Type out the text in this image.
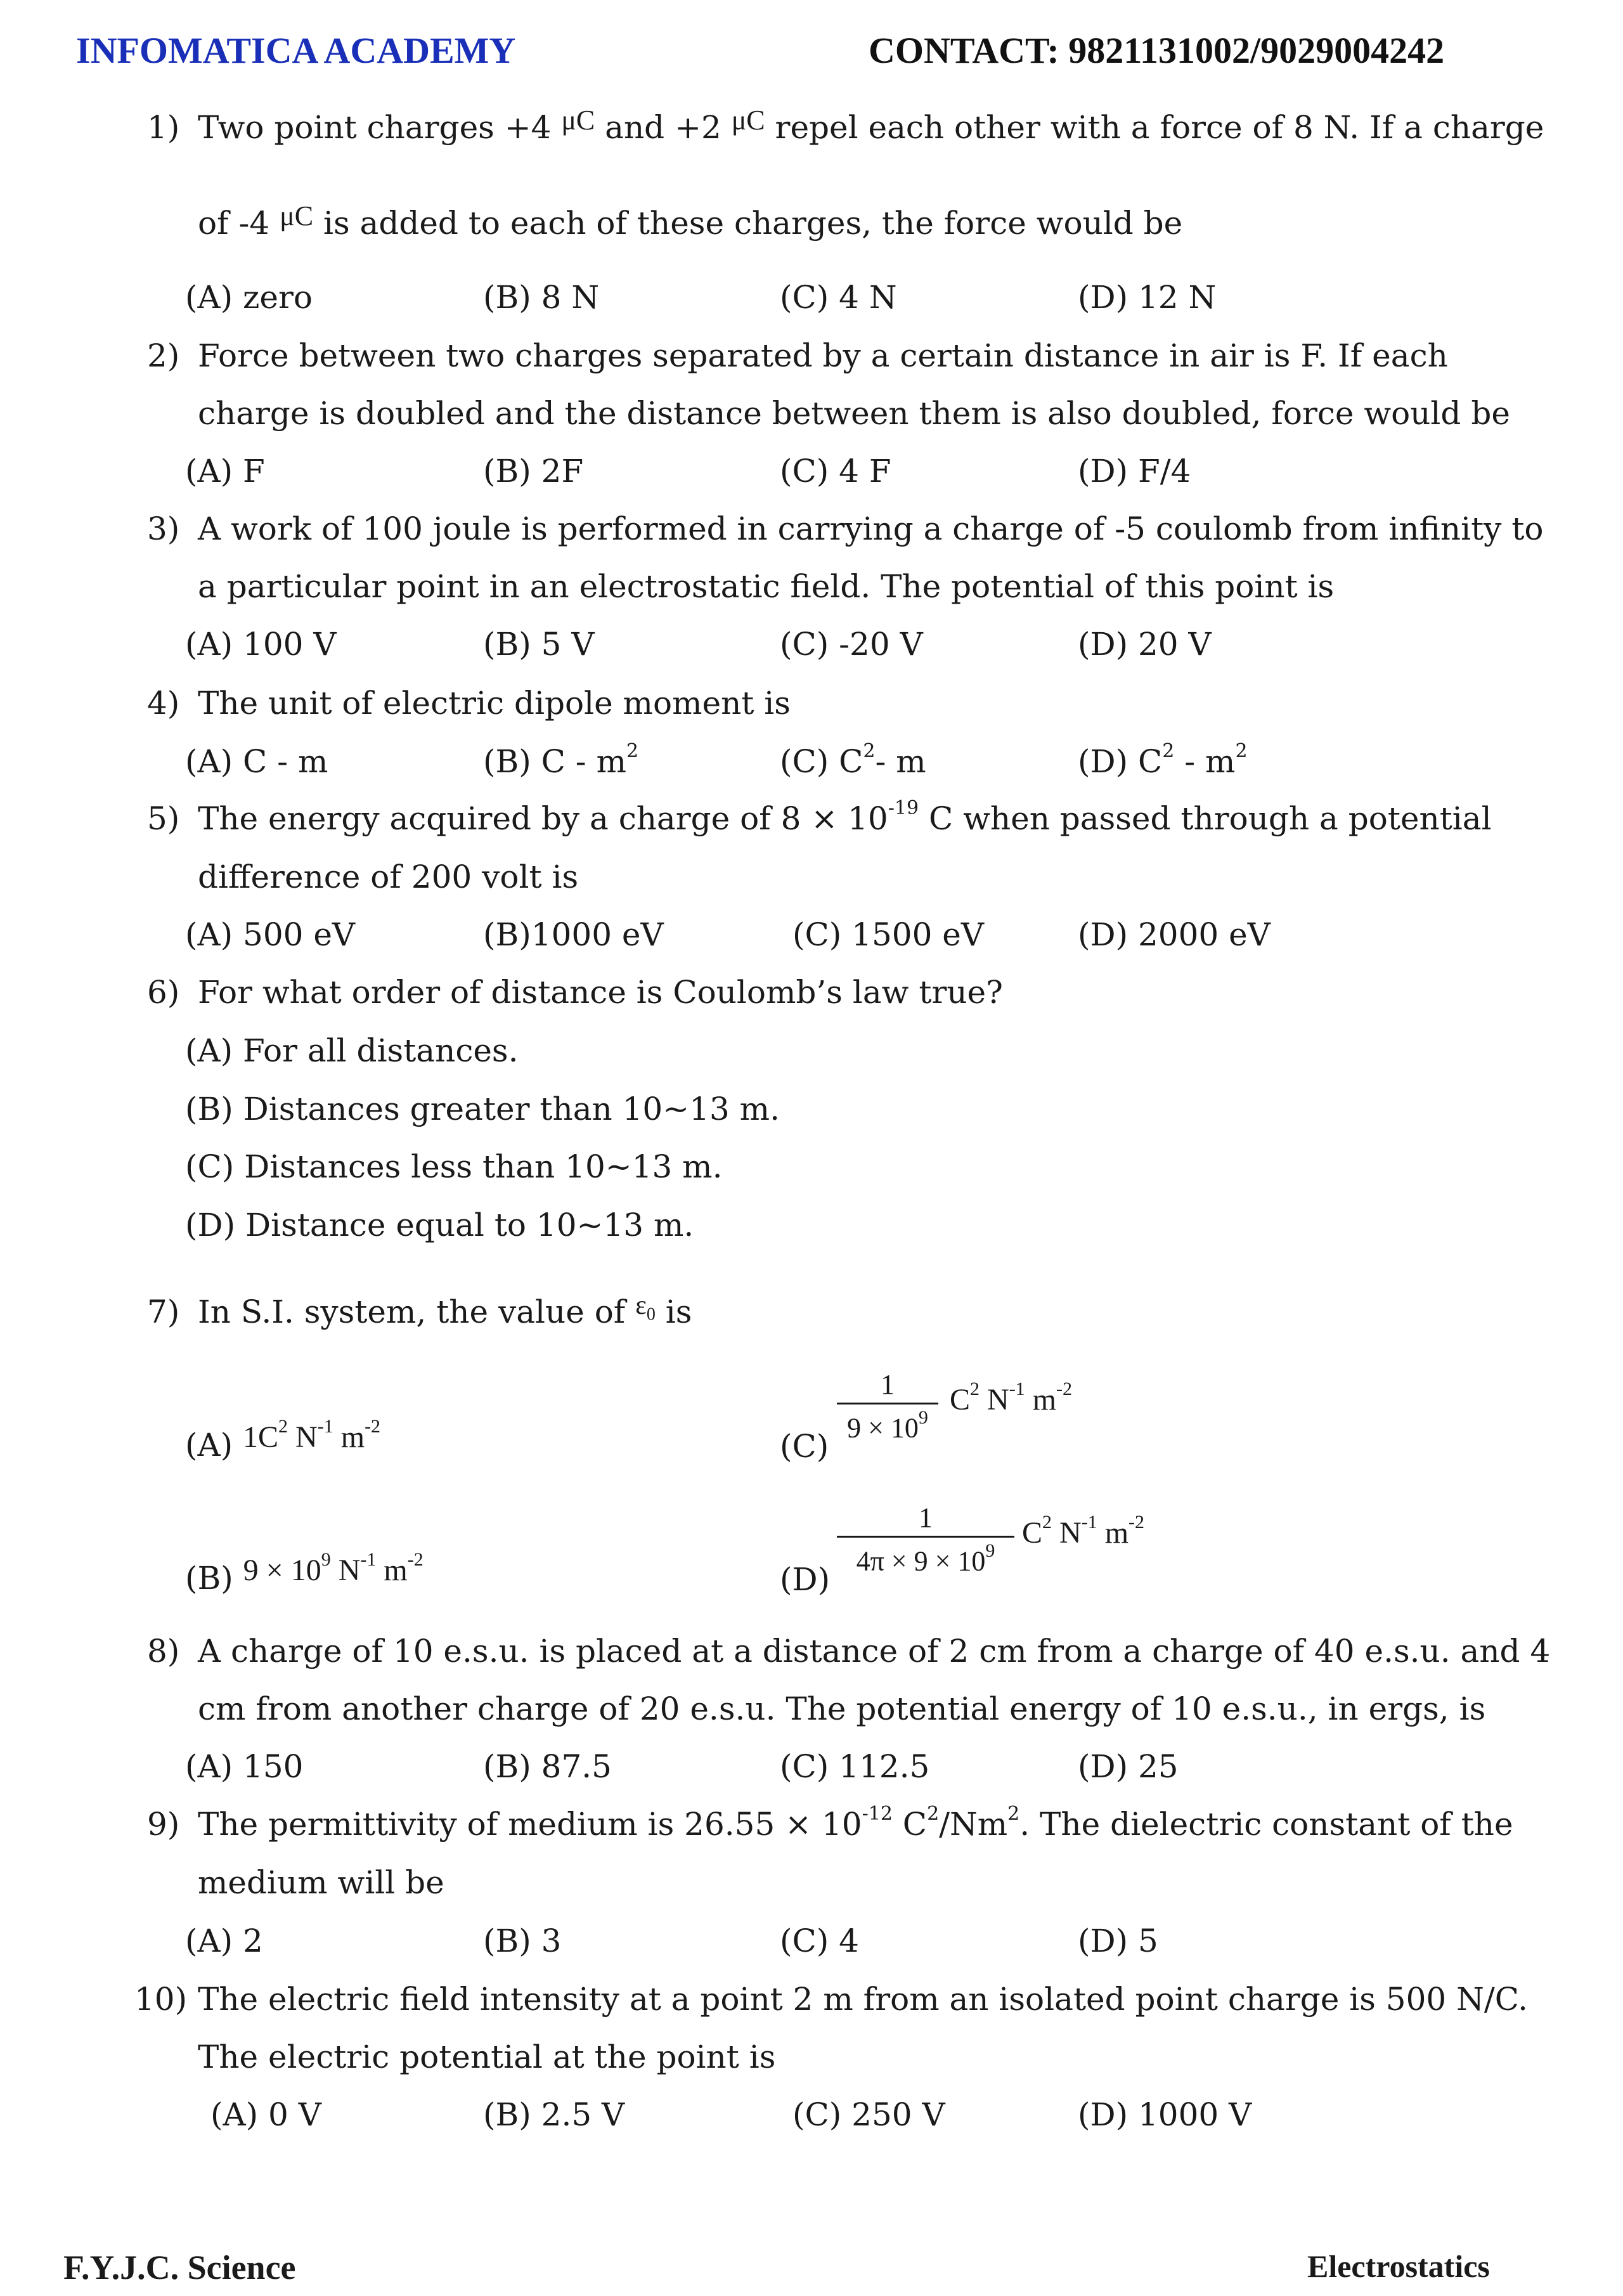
INFOMATICA ACADEMY	CONTACT: 9821131002/9029004242
1) Two point charges +4 μC and +2 μC repel each other with a force of 8 N. If a charge
of -4 μC is added to each of these charges, the force would be
(A) zero	(B) 8 N	(C) 4 N	(D) 12 N
2) Force between two charges separated by a certain distance in air is F. If each
charge is doubled and the distance between them is also doubled, force would be
(A) F	(B) 2F	(C) 4 F	(D) F/4
3) A work of 100 joule is performed in carrying a charge of -5 coulomb from infinity to
a particular point in an electrostatic field. The potential of this point is
(A) 100 V	(B) 5 V	(C) -20 V	(D) 20 V
4) The unit of electric dipole moment is
(A) C - m	(B) C - $m^2$	(C) $C^2-$ m	(D) $C^2 - m^2$
5) The energy acquired by a charge of $8 \times 10^{-19}$ C when passed through a potential
difference of 200 volt is
(A) 500 eV	(B)1000 eV	(C) 1500 eV	(D) 2000 eV
6) For what order of distance is Coulomb’s law true?
(A) For all distances.
(B) Distances greater than 10~13 m.
(C) Distances less than 10~13 m.
(D) Distance equal to 10~13 m.
7) In S.I. system, the value of $^{\varepsilon_0}$ is
(A) $1C^2$ $N^{-1}$ $m^{-2}$
(C)
1
$9 \times 10^9$
$C^2$ $N^{-1}$ $m^{-2}$
(B) $9 \times 10^9$ $N^{-1}$ $m^{-2}$
(D)
1
$4\pi \times 9 \times 10^9$
$C^2$ $N^{-1}$ $m^{-2}$
8) A charge of 10 e.s.u. is placed at a distance of 2 cm from a charge of 40 e.s.u. and 4
cm from another charge of 20 e.s.u. The potential energy of 10 e.s.u., in ergs, is
(A) 150	(B) 87.5	(C) 112.5	(D) 25
9) The permittivity of medium is $26.55 \times 10^{-12}$ $C^2/Nm^2$. The dielectric constant of the
medium will be
(A) 2	(B) 3	(C) 4	(D) 5
10) The electric field intensity at a point 2 m from an isolated point charge is 500 N/C.
The electric potential at the point is
(A) 0 V	(B) 2.5 V	(C) 250 V	(D) 1000 V
F.Y.J.C. Science	Electrostatics
